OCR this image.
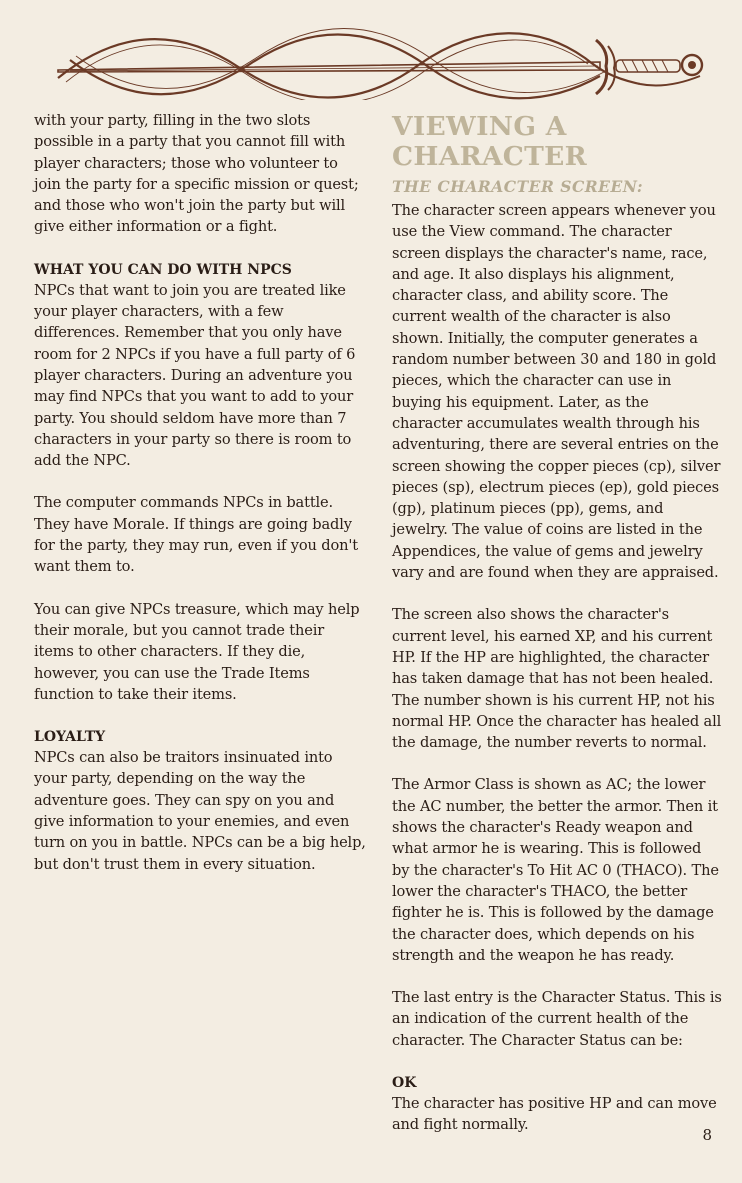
with your party, filling in the two slots possible in a party that you cannot fill with player characters; those who volunteer to join the party for a specific mission or quest; and those who won't join the party but will give either information or a fight.

WHAT YOU CAN DO WITH NPCS

NPCs that want to join you are treated like your player characters, with a few differences. Remember that you only have room for 2 NPCs if you have a full party of 6 player characters. During an adventure you may find NPCs that you want to add to your party. You should seldom have more than 7 characters in your party so there is room to add the NPC.

The computer commands NPCs in battle. They have Morale. If things are going badly for the party, they may run, even if you don't want them to.

You can give NPCs treasure, which may help their morale, but you cannot trade their items to other characters. If they die, however, you can use the Trade Items function to take their items.

LOYALTY

NPCs can also be traitors insinuated into your party, depending on the way the adventure goes. They can spy on you and give information to your enemies, and even turn on you in battle. NPCs can be a big help, but don't trust them in every situation.

VIEWING A CHARACTER
THE CHARACTER SCREEN:

The character screen appears whenever you use the View command. The character screen displays the character's name, race, and age. It also displays his alignment, character class, and ability score. The current wealth of the character is also shown. Initially, the computer generates a random number between 30 and 180 in gold pieces, which the character can use in buying his equipment. Later, as the character accumulates wealth through his adventuring, there are several entries on the screen showing the copper pieces (cp), silver pieces (sp), electrum pieces (ep), gold pieces (gp), platinum pieces (pp), gems, and jewelry. The value of coins are listed in the Appendices, the value of gems and jewelry vary and are found when they are appraised.

The screen also shows the character's current level, his earned XP, and his current HP. If the HP are highlighted, the character has taken damage that has not been healed. The number shown is his current HP, not his normal HP. Once the character has healed all the damage, the number reverts to normal.

The Armor Class is shown as AC; the lower the AC number, the better the armor. Then it shows the character's Ready weapon and what armor he is wearing. This is followed by the character's To Hit AC 0 (THACO). The lower the character's THACO, the better fighter he is. This is followed by the damage the character does, which depends on his strength and the weapon he has ready.

The last entry is the Character Status. This is an indication of the current health of the character. The Character Status can be:

OK

The character has positive HP and can move and fight normally.

8
